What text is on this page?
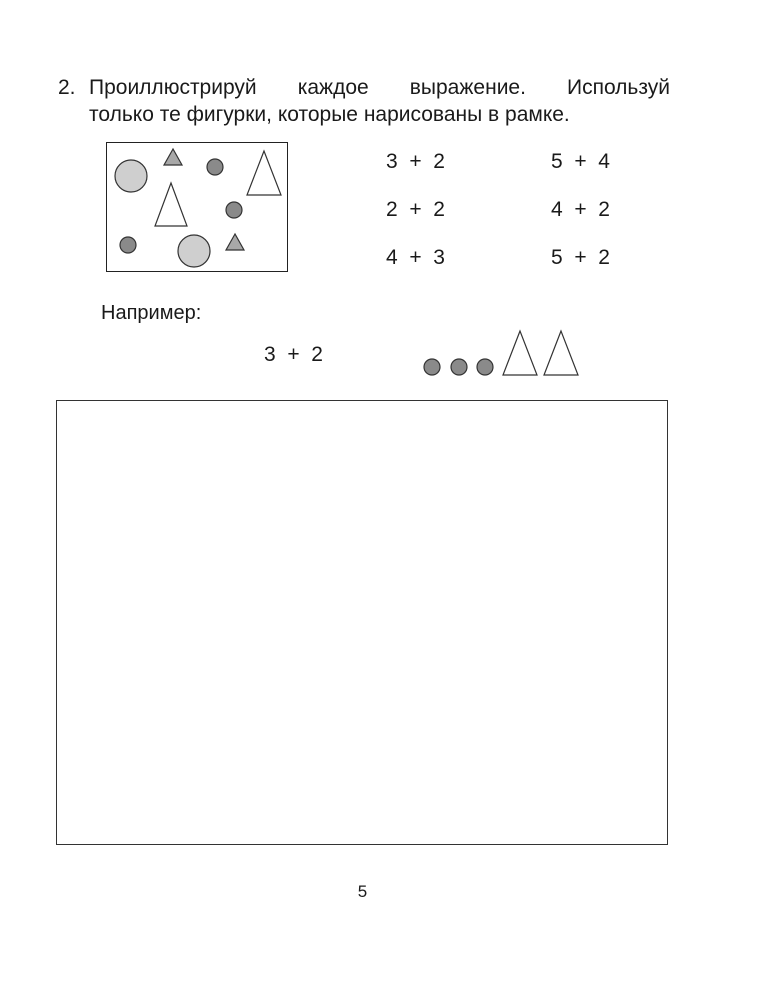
2. Проиллюстрируй каждое выражение. Используй
только те фигурки, которые нарисованы в рамке.
3  +  2
2  +  2
4  +  3
5  +  4
4  +  2
5  +  2
Например:
3  +  2
5
